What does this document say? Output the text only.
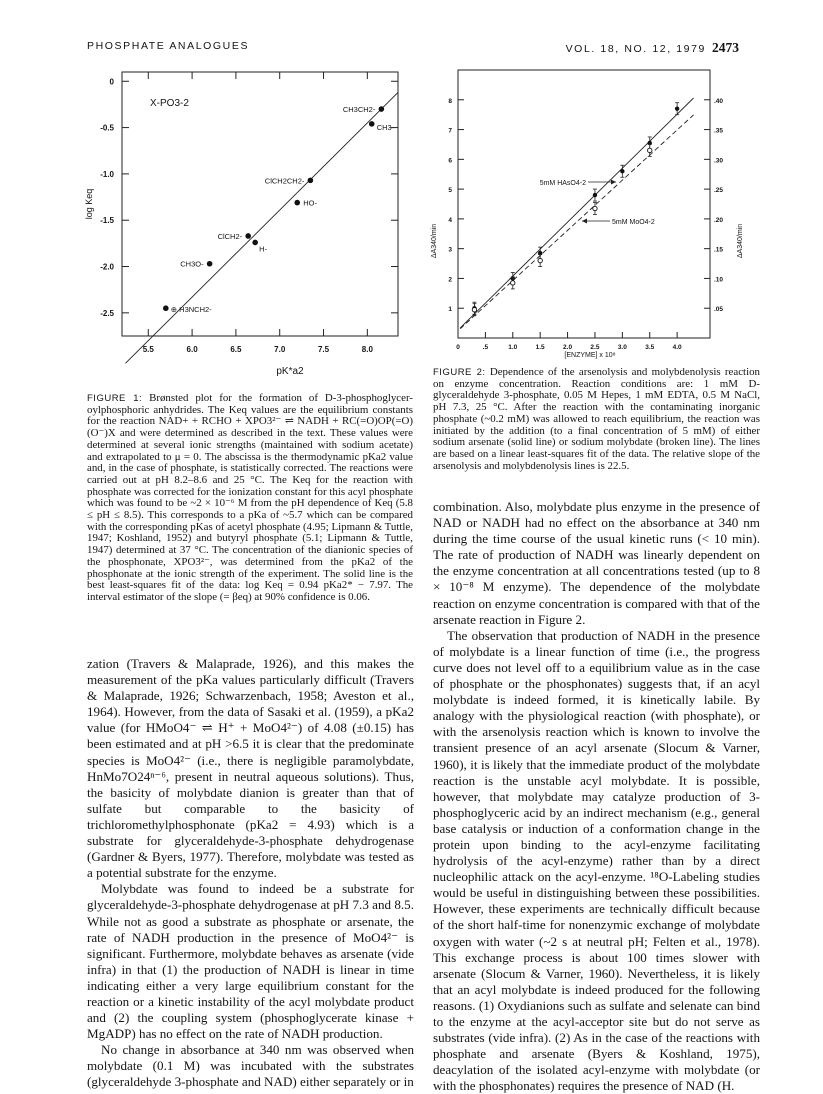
PHOSPHATE ANALOGUES	VOL. 18, NO. 12, 1979 2473
5.5	6.0	6.5	7.0	7.5	8.0
0
-0.5
-1.0
-1.5
-2.0
-2.5	⊕ H3NCH2-
CH3O-
ClCH2-
H-
HO-
ClCH2CH2-
CH3-
CH3CH2-
X-PO3-2
pK*a2
log Keq
FIGURE 1: Brønsted plot for the formation of D-3-phosphoglycer-oylphosphoric anhydrides. The Keq values are the equilibrium constants for the reaction NAD+ + RCHO + XPO3²⁻ ⇌ NADH + RC(=O)OP(=O)(O⁻)X and were determined as described in the text. These values were determined at several ionic strengths (maintained with sodium acetate) and extrapolated to μ = 0. The abscissa is the thermodynamic pKa2 value and, in the case of phosphate, is statistically corrected. The reactions were carried out at pH 8.2–8.6 and 25 °C. The Keq for the reaction with phosphate was corrected for the ionization constant for this acyl phosphate which was found to be ~2 × 10⁻⁶ M from the pH dependence of Keq (5.8 ≤ pH ≤ 8.5). This corresponds to a pKa of ~5.7 which can be compared with the corresponding pKas of acetyl phosphate (4.95; Lipmann & Tuttle, 1947; Koshland, 1952) and butyryl phosphate (5.1; Lipmann & Tuttle, 1947) determined at 37 °C. The concentration of the dianionic species of the phosphonate, XPO3²⁻, was determined from the pKa2 of the phosphonate at the ionic strength of the experiment. The solid line is the best least-squares fit of the data: log Keq = 0.94 pKa2* − 7.97. The interval estimator of the slope (= βeq) at 90% confidence is 0.06.

zation (Travers & Malaprade, 1926), and this makes the measurement of the pKa values particularly difficult (Travers & Malaprade, 1926; Schwarzenbach, 1958; Aveston et al., 1964). However, from the data of Sasaki et al. (1959), a pKa2 value (for HMoO4⁻ ⇌ H⁺ + MoO4²⁻) of 4.08 (±0.15) has been estimated and at pH >6.5 it is clear that the predominate species is MoO4²⁻ (i.e., there is negligible paramolybdate, HnMo7O24ⁿ⁻⁶, present in neutral aqueous solutions). Thus, the basicity of molybdate dianion is greater than that of sulfate but comparable to the basicity of trichloromethylphosphonate (pKa2 = 4.93) which is a substrate for glyceraldehyde-3-phosphate dehydrogenase (Gardner & Byers, 1977). Therefore, molybdate was tested as a potential substrate for the enzyme.

Molybdate was found to indeed be a substrate for glyceraldehyde-3-phosphate dehydrogenase at pH 7.3 and 8.5. While not as good a substrate as phosphate or arsenate, the rate of NADH production in the presence of MoO4²⁻ is significant. Furthermore, molybdate behaves as arsenate (vide infra) in that (1) the production of NADH is linear in time indicating either a very large equilibrium constant for the reaction or a kinetic instability of the acyl molybdate product and (2) the coupling system (phosphoglycerate kinase + MgADP) has no effect on the rate of NADH production.

No change in absorbance at 340 nm was observed when molybdate (0.1 M) was incubated with the substrates (glyceraldehyde 3-phosphate and NAD) either separately or in

0	.5	1.0	1.5	2.0	2.5	3.0	3.5	4.0
1
2
3
4
5
6
7
8
.05
.10
.15
.20
.25
.30
.35
.40
5mM HAsO4-2
5mM MoO4-2
[ENZYME] x 10⁸
ΔA340/min	ΔA340/min
FIGURE 2: Dependence of the arsenolysis and molybdenolysis reaction on enzyme concentration. Reaction conditions are: 1 mM D-glyceraldehyde 3-phosphate, 0.05 M Hepes, 1 mM EDTA, 0.5 M NaCl, pH 7.3, 25 °C. After the reaction with the contaminating inorganic phosphate (~0.2 mM) was allowed to reach equilibrium, the reaction was initiated by the addition (to a final concentration of 5 mM) of either sodium arsenate (solid line) or sodium molybdate (broken line). The lines are based on a linear least-squares fit of the data. The relative slope of the arsenolysis and molybdenolysis lines is 22.5.

combination. Also, molybdate plus enzyme in the presence of NAD or NADH had no effect on the absorbance at 340 nm during the time course of the usual kinetic runs (< 10 min). The rate of production of NADH was linearly dependent on the enzyme concentration at all concentrations tested (up to 8 × 10⁻⁸ M enzyme). The dependence of the molybdate reaction on enzyme concentration is compared with that of the arsenate reaction in Figure 2.

The observation that production of NADH in the presence of molybdate is a linear function of time (i.e., the progress curve does not level off to a equilibrium value as in the case of phosphate or the phosphonates) suggests that, if an acyl molybdate is indeed formed, it is kinetically labile. By analogy with the physiological reaction (with phosphate), or with the arsenolysis reaction which is known to involve the transient presence of an acyl arsenate (Slocum & Varner, 1960), it is likely that the immediate product of the molybdate reaction is the unstable acyl molybdate. It is possible, however, that molybdate may catalyze production of 3-phosphoglyceric acid by an indirect mechanism (e.g., general base catalysis or induction of a conformation change in the protein upon binding to the acyl-enzyme facilitating hydrolysis of the acyl-enzyme) rather than by a direct nucleophilic attack on the acyl-enzyme. ¹⁸O-Labeling studies would be useful in distinguishing between these possibilities. However, these experiments are technically difficult because of the short half-time for nonenzymic exchange of molybdate oxygen with water (~2 s at neutral pH; Felten et al., 1978). This exchange process is about 100 times slower with arsenate (Slocum & Varner, 1960). Nevertheless, it is likely that an acyl molybdate is indeed produced for the following reasons. (1) Oxydianions such as sulfate and selenate can bind to the enzyme at the acyl-acceptor site but do not serve as substrates (vide infra). (2) As in the case of the reactions with phosphate and arsenate (Byers & Koshland, 1975), deacylation of the isolated acyl-enzyme with molybdate (or with the phosphonates) requires the presence of NAD (H.
